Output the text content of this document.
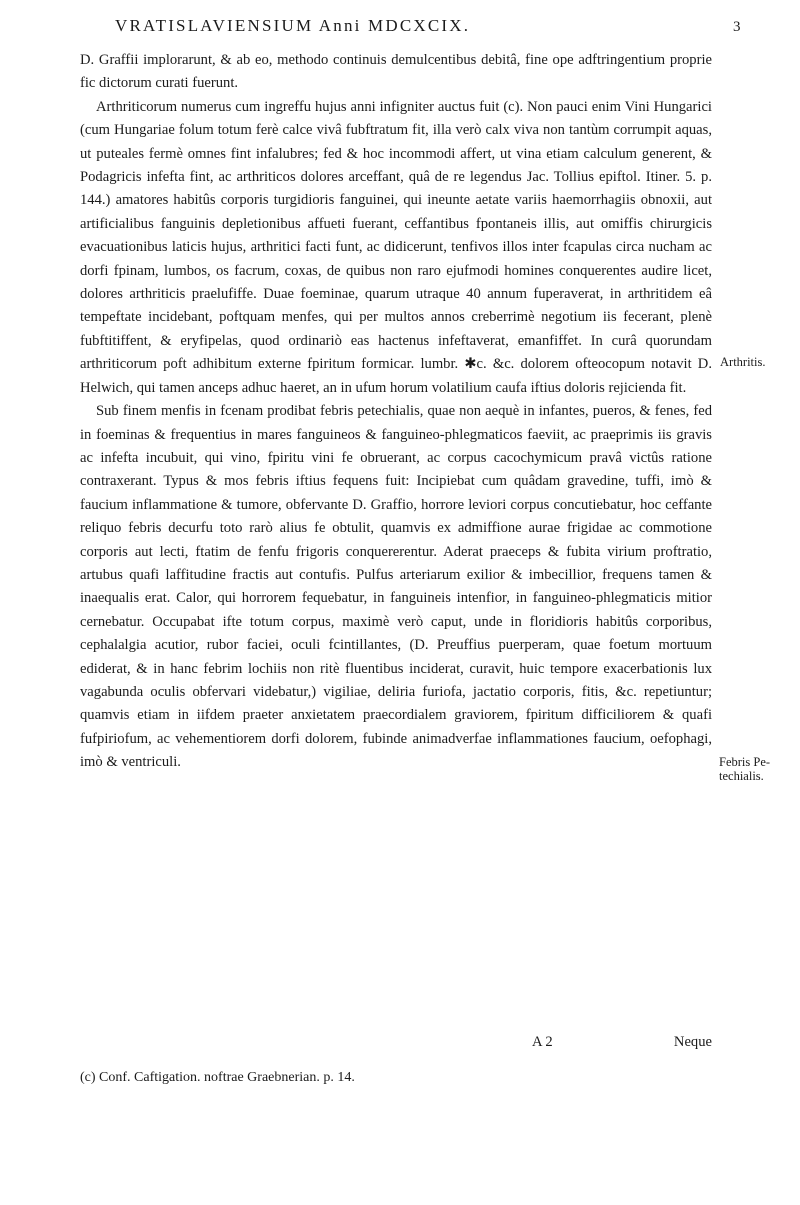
VRATISLAVIENSIUM Anni MDCXCIX.	3
Arthritis.
Febris Pe-
techialis.

D. Graffii implorarunt, & ab eo, methodo continuis demulcentibus debitâ, fine ope adftringentium proprie fic dictorum curati fuerunt.

Arthriticorum numerus cum ingreffu hujus anni infigniter auctus fuit (c). Non pauci enim Vini Hungarici (cum Hungariae folum totum ferè calce vivâ fubftratum fit, illa verò calx viva non tantùm corrumpit aquas, ut puteales fermè omnes fint infalubres; fed & hoc incommodi affert, ut vina etiam calculum generent, & Podagricis infefta fint, ac arthriticos dolores arceffant, quâ de re legendus Jac. Tollius epiftol. Itiner. 5. p. 144.) amatores habitûs corporis turgidioris fanguinei, qui ineunte aetate variis haemorrhagiis obnoxii, aut artificialibus fanguinis depletionibus affueti fuerant, ceffantibus fpontaneis illis, aut omiffis chirurgicis evacuationibus laticis hujus, arthritici facti funt, ac didicerunt, tenfivos illos inter fcapulas circa nucham ac dorfi fpinam, lumbos, os facrum, coxas, de quibus non raro ejufmodi homines conquerentes audire licet, dolores arthriticis praelufiffe. Duae foeminae, quarum utraque 40 annum fuperaverat, in arthritidem eâ tempeftate incidebant, poftquam menfes, qui per multos annos creberrimè negotium iis fecerant, plenè fubftitiffent, & eryfipelas, quod ordinariò eas hactenus infeftaverat, emanfiffet. In curâ quorundam arthriticorum poft adhibitum externe fpiritum formicar. lumbr. ✱c. &c. dolorem ofteocopum notavit D. Helwich, qui tamen anceps adhuc haeret, an in ufum horum volatilium caufa iftius doloris rejicienda fit.

Sub finem menfis in fcenam prodibat febris petechialis, quae non aequè in infantes, pueros, & fenes, fed in foeminas & frequentius in mares fanguineos & fanguineo-phlegmaticos faeviit, ac praeprimis iis gravis ac infefta incubuit, qui vino, fpiritu vini fe obruerant, ac corpus cacochymicum pravâ victûs ratione contraxerant. Typus & mos febris iftius fequens fuit: Incipiebat cum quâdam gravedine, tuffi, imò & faucium inflammatione & tumore, obfervante D. Graffio, horrore leviori corpus concutiebatur, hoc ceffante reliquo febris decurfu toto rarò alius fe obtulit, quamvis ex admiffione aurae frigidae ac commotione corporis aut lecti, ftatim de fenfu frigoris conquererentur. Aderat praeceps & fubita virium proftratio, artubus quafi laffitudine fractis aut contufis. Pulfus arteriarum exilior & imbecillior, frequens tamen & inaequalis erat. Calor, qui horrorem fequebatur, in fanguineis intenfior, in fanguineo-phlegmaticis mitior cernebatur. Occupabat ifte totum corpus, maximè verò caput, unde in floridioris habitûs corporibus, cephalalgia acutior, rubor faciei, oculi fcintillantes, (D. Preuffius puerperam, quae foetum mortuum ediderat, & in hanc febrim lochiis non ritè fluentibus inciderat, curavit, huic tempore exacerbationis lux vagabunda oculis obfervari videbatur,) vigiliae, deliria furiofa, jactatio corporis, fitis, &c. repetiuntur; quamvis etiam in iifdem praeter anxietatem praecordialem graviorem, fpiritum difficiliorem & quafi fufpiriofum, ac vehementiorem dorfi dolorem, fubinde animadverfae inflammationes faucium, oefophagi, imò & ventriculi.

A 2	Neque
(c) Conf. Caftigation. noftrae Graebnerian. p. 14.
